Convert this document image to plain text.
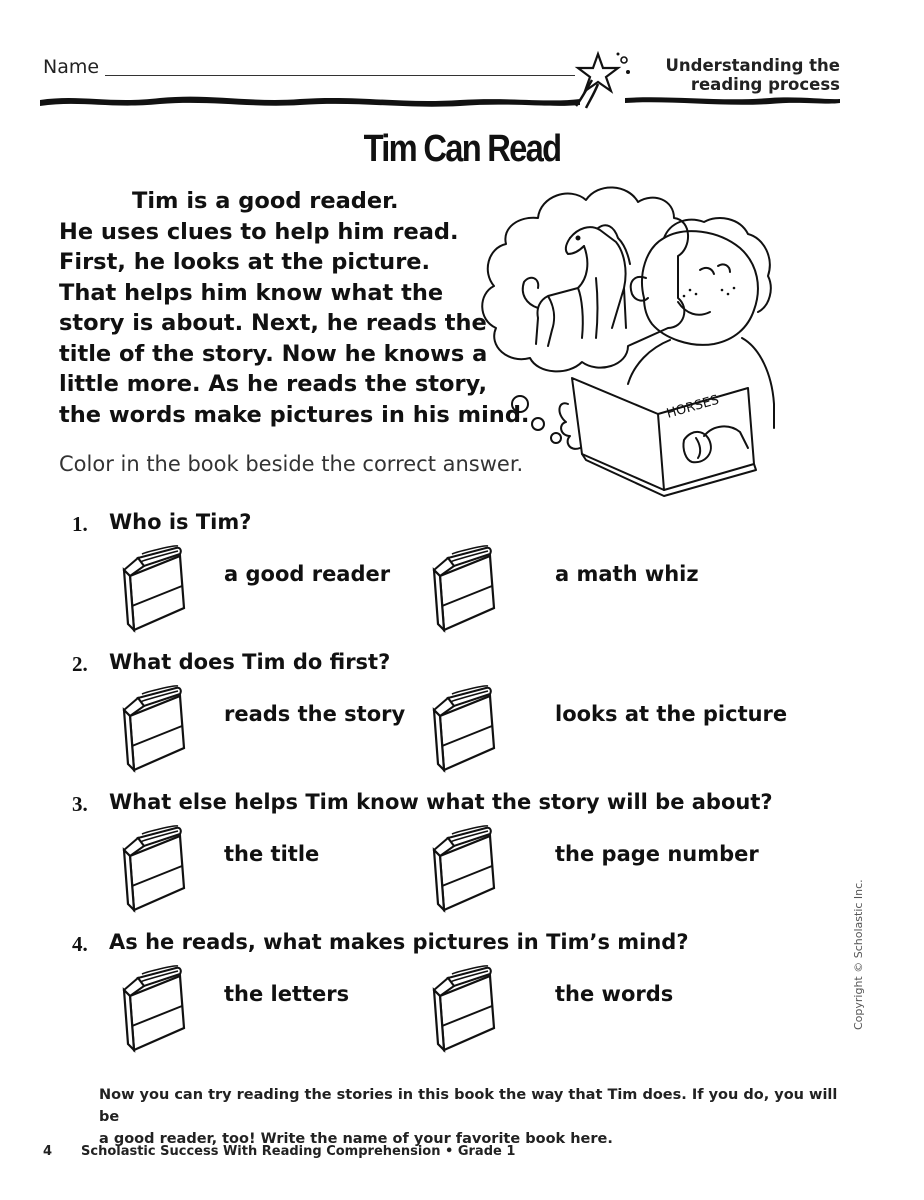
Name	Understanding the
reading process
Tim Can Read
Tim is a good reader.
He uses clues to help him read.
First, he looks at the picture.
That helps him know what the
story is about. Next, he reads the
title of the story. Now he knows a
little more. As he reads the story,
the words make pictures in his mind.	HORSES
Color in the book beside the correct answer.
1. Who is Tim?
a good reader	a math whiz
2. What does Tim do first?
reads the story	looks at the picture
3. What else helps Tim know what the story will be about?
the title	the page number
4. As he reads, what makes pictures in Tim’s mind?
the letters	the words
Now you can try reading the stories in this book the way that Tim does. If you do, you will be
a good reader, too! Write the name of your favorite book here.
Copyright © Scholastic Inc.
4 Scholastic Success With Reading Comprehension • Grade 1
